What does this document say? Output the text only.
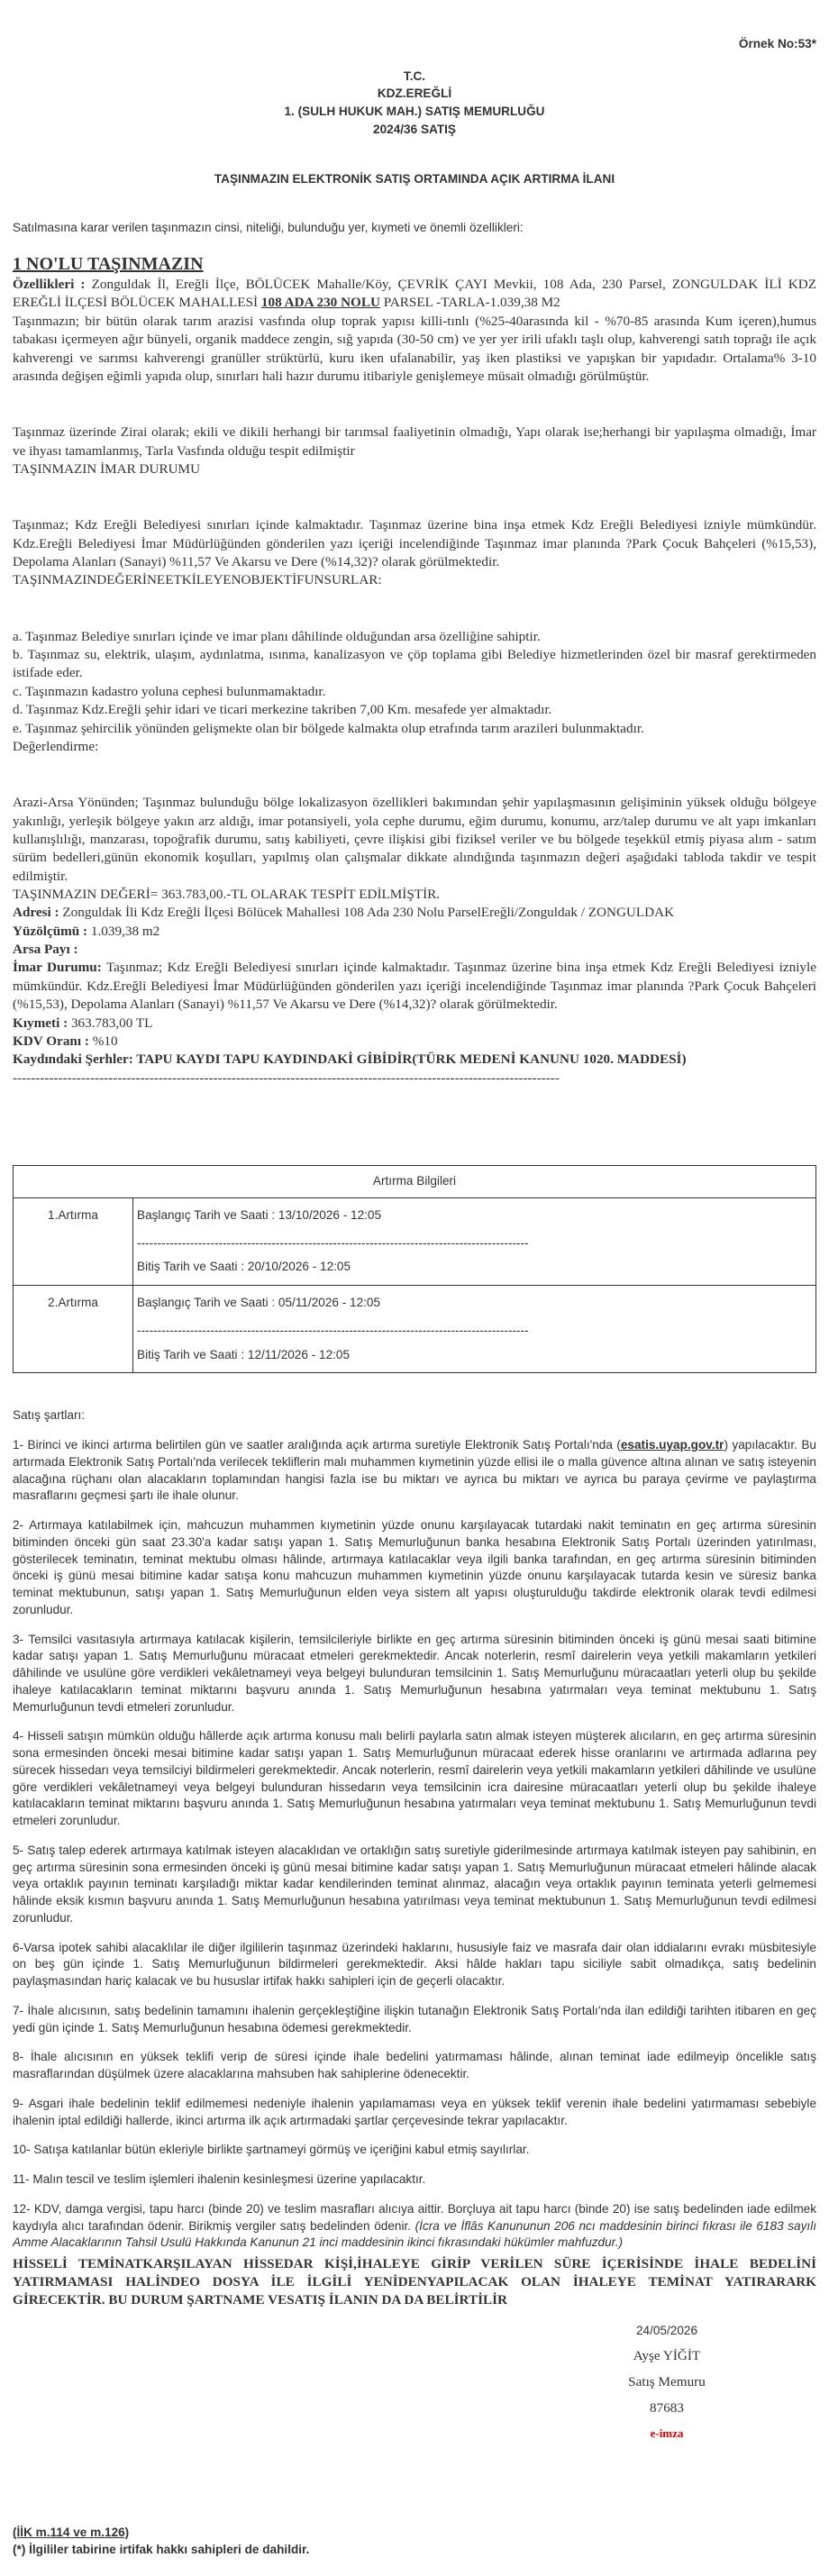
Örnek No:53*
T.C.
KDZ.EREĞLİ
1. (SULH HUKUK MAH.) SATIŞ MEMURLUĞU
2024/36 SATIŞ
TAŞINMAZIN ELEKTRONİK SATIŞ ORTAMINDA AÇIK ARTIRMA İLANI
Satılmasına karar verilen taşınmazın cinsi, niteliği, bulunduğu yer, kıymeti ve önemli özellikleri:
1 NO'LU TAŞINMAZIN

Özellikleri : Zonguldak İl, Ereğli İlçe, BÖLÜCEK Mahalle/Köy, ÇEVRİK ÇAYI Mevkii, 108 Ada, 230 Parsel, ZONGULDAK İLİ KDZ EREĞLİ İLÇESİ BÖLÜCEK MAHALLESİ 108 ADA 230 NOLU PARSEL -TARLA-1.039,38 M2

Taşınmazın; bir bütün olarak tarım arazisi vasfında olup toprak yapısı killi-tınlı (%25-40arasında kil - %70-85 arasında Kum içeren),humus tabakası içermeyen ağır bünyeli, organik maddece zengin, sığ yapıda (30-50 cm) ve yer yer irili ufaklı taşlı olup, kahverengi satıh toprağı ile açık kahverengi ve sarımsı kahverengi granüller strüktürlü, kuru iken ufalanabilir, yaş iken plastiksi ve yapışkan bir yapıdadır. Ortalama% 3-10 arasında değişen eğimli yapıda olup, sınırları hali hazır durumu itibariyle genişlemeye müsait olmadığı görülmüştür.

Taşınmaz üzerinde Zirai olarak; ekili ve dikili herhangi bir tarımsal faaliyetinin olmadığı, Yapı olarak ise;herhangi bir yapılaşma olmadığı, İmar ve ihyası tamamlanmış, Tarla Vasfında olduğu tespit edilmiştir

TAŞINMAZIN İMAR DURUMU

Taşınmaz; Kdz Ereğli Belediyesi sınırları içinde kalmaktadır. Taşınmaz üzerine bina inşa etmek Kdz Ereğli Belediyesi izniyle mümkündür. Kdz.Ereğli Belediyesi İmar Müdürlüğünden gönderilen yazı içeriği incelendiğinde Taşınmaz imar planında ?Park Çocuk Bahçeleri (%15,53), Depolama Alanları (Sanayi) %11,57 Ve Akarsu ve Dere (%14,32)? olarak görülmektedir.

TAŞINMAZINDEĞERİNEETKİLEYENOBJEKTİFUNSURLAR:

a. Taşınmaz Belediye sınırları içinde ve imar planı dâhilinde olduğundan arsa özelliğine sahiptir.

b. Taşınmaz su, elektrik, ulaşım, aydınlatma, ısınma, kanalizasyon ve çöp toplama gibi Belediye hizmetlerinden özel bir masraf gerektirmeden istifade eder.

c. Taşınmazın kadastro yoluna cephesi bulunmamaktadır.

d. Taşınmaz Kdz.Ereğli şehir idari ve ticari merkezine takriben 7,00 Km. mesafede yer almaktadır.

e. Taşınmaz şehircilik yönünden gelişmekte olan bir bölgede kalmakta olup etrafında tarım arazileri bulunmaktadır.

Değerlendirme:

Arazi-Arsa Yönünden; Taşınmaz bulunduğu bölge lokalizasyon özellikleri bakımından şehir yapılaşmasının gelişiminin yüksek olduğu bölgeye yakınlığı, yerleşik bölgeye yakın arz aldığı, imar potansiyeli, yola cephe durumu, eğim durumu, konumu, arz/talep durumu ve alt yapı imkanları kullanışlılığı, manzarası, topoğrafik durumu, satış kabiliyeti, çevre ilişkisi gibi fiziksel veriler ve bu bölgede teşekkül etmiş piyasa alım - satım sürüm bedelleri,günün ekonomik koşulları, yapılmış olan çalışmalar dikkate alındığında taşınmazın değeri aşağıdaki tabloda takdir ve tespit edilmiştir.

TAŞINMAZIN DEĞERİ= 363.783,00.-TL OLARAK TESPİT EDİLMİŞTİR.

Adresi : Zonguldak İli Kdz Ereğli İlçesi Bölücek Mahallesi 108 Ada 230 Nolu ParselEreğli/Zonguldak / ZONGULDAK

Yüzölçümü : 1.039,38 m2

Arsa Payı :

İmar Durumu: Taşınmaz; Kdz Ereğli Belediyesi sınırları içinde kalmaktadır. Taşınmaz üzerine bina inşa etmek Kdz Ereğli Belediyesi izniyle mümkündür. Kdz.Ereğli Belediyesi İmar Müdürlüğünden gönderilen yazı içeriği incelendiğinde Taşınmaz imar planında ?Park Çocuk Bahçeleri (%15,53), Depolama Alanları (Sanayi) %11,57 Ve Akarsu ve Dere (%14,32)? olarak görülmektedir.

Kıymeti : 363.783,00 TL

KDV Oranı : %10

Kaydındaki Şerhler: TAPU KAYDI TAPU KAYDINDAKİ GİBİDİR(TÜRK MEDENİ KANUNU 1020. MADDESİ)

------------------------------------------------------------------------------------------------------------------------
Artırma Bilgileri	
1.Artırma	Başlangıç Tarih ve Saati : 13/10/2026 - 12:05
------------------------------------------------------------------------------------------------
Bitiş Tarih ve Saati : 20/10/2026 - 12:05

2.Artırma	Başlangıç Tarih ve Saati : 05/11/2026 - 12:05
------------------------------------------------------------------------------------------------
Bitiş Tarih ve Saati : 12/11/2026 - 12:05
Satış şartları:

1- Birinci ve ikinci artırma belirtilen gün ve saatler aralığında açık artırma suretiyle Elektronik Satış Portalı'nda (esatis.uyap.gov.tr) yapılacaktır. Bu artırmada Elektronik Satış Portalı'nda verilecek tekliflerin malı muhammen kıymetinin yüzde ellisi ile o malla güvence altına alınan ve satış isteyenin alacağına rüçhanı olan alacakların toplamından hangisi fazla ise bu miktarı ve ayrıca bu miktarı ve ayrıca bu paraya çevirme ve paylaştırma masraflarını geçmesi şartı ile ihale olunur.

2- Artırmaya katılabilmek için, mahcuzun muhammen kıymetinin yüzde onunu karşılayacak tutardaki nakit teminatın en geç artırma süresinin bitiminden önceki gün saat 23.30'a kadar satışı yapan 1. Satış Memurluğunun banka hesabına Elektronik Satış Portalı üzerinden yatırılması, gösterilecek teminatın, teminat mektubu olması hâlinde, artırmaya katılacaklar veya ilgili banka tarafından, en geç artırma süresinin bitiminden önceki iş günü mesai bitimine kadar satışa konu mahcuzun muhammen kıymetinin yüzde onunu karşılayacak tutarda kesin ve süresiz banka teminat mektubunun, satışı yapan 1. Satış Memurluğunun elden veya sistem alt yapısı oluşturulduğu takdirde elektronik olarak tevdi edilmesi zorunludur.

3- Temsilci vasıtasıyla artırmaya katılacak kişilerin, temsilcileriyle birlikte en geç artırma süresinin bitiminden önceki iş günü mesai saati bitimine kadar satışı yapan 1. Satış Memurluğunu müracaat etmeleri gerekmektedir. Ancak noterlerin, resmî dairelerin veya yetkili makamların yetkileri dâhilinde ve usulüne göre verdikleri vekâletnameyi veya belgeyi bulunduran temsilcinin 1. Satış Memurluğunu müracaatları yeterli olup bu şekilde ihaleye katılacakların teminat miktarını başvuru anında 1. Satış Memurluğunun hesabına yatırmaları veya teminat mektubunu 1. Satış Memurluğunun tevdi etmeleri zorunludur.

4- Hisseli satışın mümkün olduğu hâllerde açık artırma konusu malı belirli paylarla satın almak isteyen müşterek alıcıların, en geç artırma süresinin sona ermesinden önceki mesai bitimine kadar satışı yapan 1. Satış Memurluğunun müracaat ederek hisse oranlarını ve artırmada adlarına pey sürecek hissedarı veya temsilciyi bildirmeleri gerekmektedir. Ancak noterlerin, resmî dairelerin veya yetkili makamların yetkileri dâhilinde ve usulüne göre verdikleri vekâletnameyi veya belgeyi bulunduran hissedarın veya temsilcinin icra dairesine müracaatları yeterli olup bu şekilde ihaleye katılacakların teminat miktarını başvuru anında 1. Satış Memurluğunun hesabına yatırmaları veya teminat mektubunu 1. Satış Memurluğunun tevdi etmeleri zorunludur.

5- Satış talep ederek artırmaya katılmak isteyen alacaklıdan ve ortaklığın satış suretiyle giderilmesinde artırmaya katılmak isteyen pay sahibinin, en geç artırma süresinin sona ermesinden önceki iş günü mesai bitimine kadar satışı yapan 1. Satış Memurluğunun müracaat etmeleri hâlinde alacak veya ortaklık payının teminatı karşıladığı miktar kadar kendilerinden teminat alınmaz, alacağın veya ortaklık payının teminata yeterli gelmemesi hâlinde eksik kısmın başvuru anında 1. Satış Memurluğunun hesabına yatırılması veya teminat mektubunun 1. Satış Memurluğunun tevdi edilmesi zorunludur.

6-Varsa ipotek sahibi alacaklılar ile diğer ilgililerin taşınmaz üzerindeki haklarını, hususiyle faiz ve masrafa dair olan iddialarını evrakı müsbitesiyle on beş gün içinde 1. Satış Memurluğunun bildirmeleri gerekmektedir. Aksi hâlde hakları tapu siciliyle sabit olmadıkça, satış bedelinin paylaşmasından hariç kalacak ve bu hususlar irtifak hakkı sahipleri için de geçerli olacaktır.

7- İhale alıcısının, satış bedelinin tamamını ihalenin gerçekleştiğine ilişkin tutanağın Elektronik Satış Portalı'nda ilan edildiği tarihten itibaren en geç yedi gün içinde 1. Satış Memurluğunun hesabına ödemesi gerekmektedir.

8- İhale alıcısının en yüksek teklifi verip de süresi içinde ihale bedelini yatırmaması hâlinde, alınan teminat iade edilmeyip öncelikle satış masraflarından düşülmek üzere alacaklarına mahsuben hak sahiplerine ödenecektir.

9- Asgari ihale bedelinin teklif edilmemesi nedeniyle ihalenin yapılamaması veya en yüksek teklif verenin ihale bedelini yatırmaması sebebiyle ihalenin iptal edildiği hallerde, ikinci artırma ilk açık artırmadaki şartlar çerçevesinde tekrar yapılacaktır.

10- Satışa katılanlar bütün ekleriyle birlikte şartnameyi görmüş ve içeriğini kabul etmiş sayılırlar.

11- Malın tescil ve teslim işlemleri ihalenin kesinleşmesi üzerine yapılacaktır.

12- KDV, damga vergisi, tapu harcı (binde 20) ve teslim masrafları alıcıya aittir. Borçluya ait tapu harcı (binde 20) ise satış bedelinden iade edilmek kaydıyla alıcı tarafından ödenir. Birikmiş vergiler satış bedelinden ödenir. (İcra ve İflâs Kanununun 206 ncı maddesinin birinci fıkrası ile 6183 sayılı Amme Alacaklarının Tahsil Usulü Hakkında Kanunun 21 inci maddesinin ikinci fıkrasındaki hükümler mahfuzdur.)

HİSSELİ TEMİNATKARŞILAYAN HİSSEDAR KİŞİ,İHALEYE GİRİP VERİLEN SÜRE İÇERİSİNDE İHALE BEDELİNİ YATIRMAMASI HALİNDEO DOSYA İLE İLGİLİ YENİDENYAPILACAK OLAN İHALEYE TEMİNAT YATIRARARK GİRECEKTİR. BU DURUM ŞARTNAME VESATIŞ İLANIN DA DA BELİRTİLİR
24/05/2026
Ayşe YİĞİT
Satış Memuru
87683
e-imza
(İİK m.114 ve m.126)
(*) İlgililer tabirine irtifak hakkı sahipleri de dahildir.
